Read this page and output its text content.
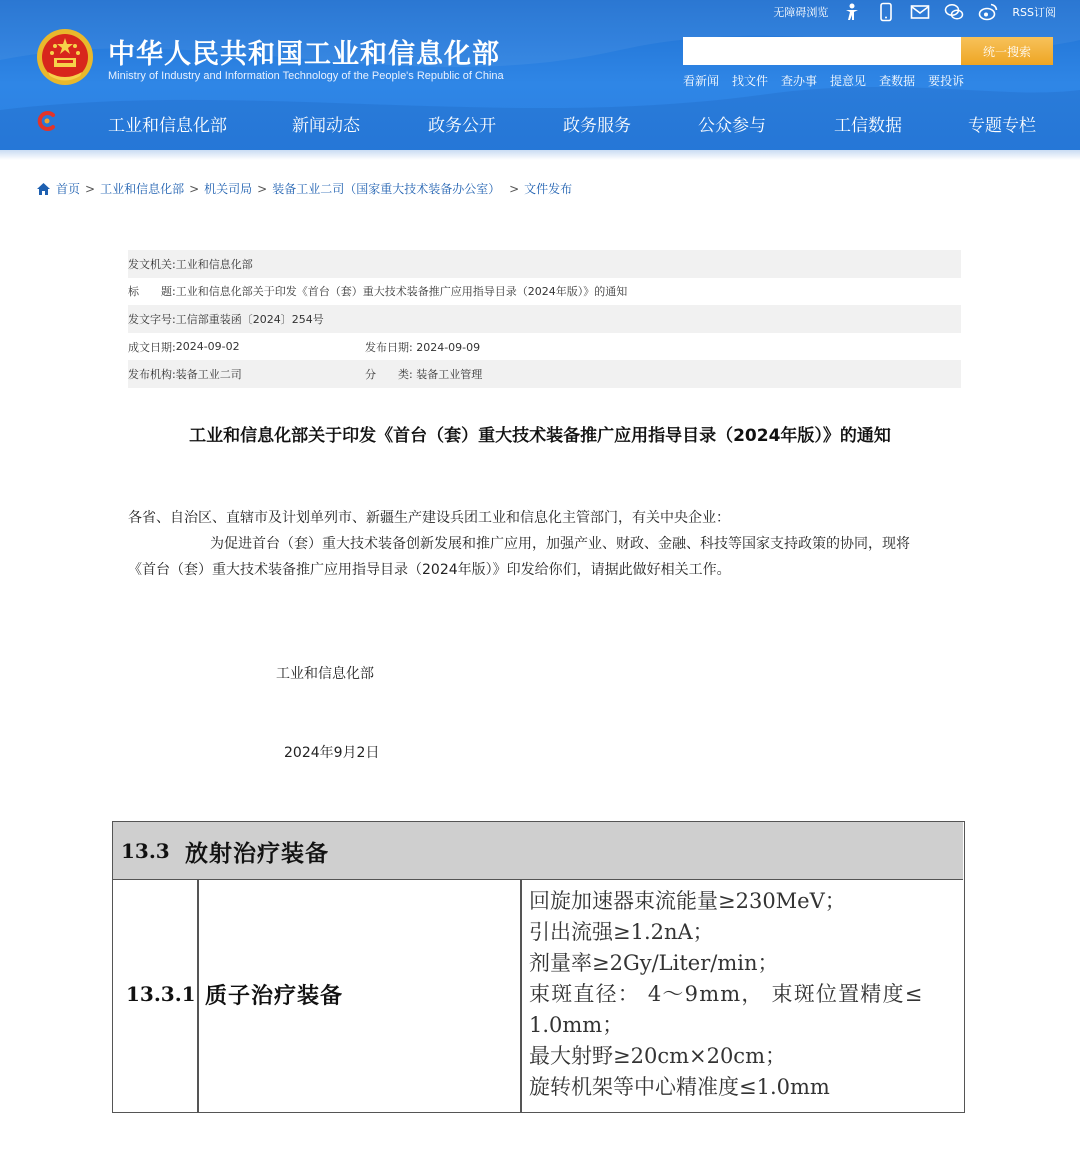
无障碍浏览	RSS订阅
中华人民共和国工业和信息化部
Ministry of Industry and Information Technology of the People's Republic of China
统一搜索
看新闻 找文件 查办事 提意见 查数据 要投诉
工业和信息化部	新闻动态	政务公开	政务服务	公众参与	工信数据	专题专栏
首页 > 工业和信息化部 > 机关司局 > 装备工业二司（国家重大技术装备办公室） > 文件发布
发文机关: 工业和信息化部
标　　题: 工业和信息化部关于印发《首台（套）重大技术装备推广应用指导目录（2024年版）》的通知
发文字号: 工信部重装函〔2024〕254号
成文日期: 2024-09-02	发布日期: 2024-09-09
发布机构: 装备工业二司	分　　类: 装备工业管理
工业和信息化部关于印发《首台（套）重大技术装备推广应用指导目录（2024年版）》的通知
各省、自治区、直辖市及计划单列市、新疆生产建设兵团工业和信息化主管部门，有关中央企业：
为促进首台（套）重大技术装备创新发展和推广应用，加强产业、财政、金融、科技等国家支持政策的协同，现将
《首台（套）重大技术装备推广应用指导目录（2024年版）》印发给你们，请据此做好相关工作。
工业和信息化部
2024年9月2日
13.3 放射治疗装备
13.3.1 质子治疗装备
回旋加速器束流能量≥230MeV；
引出流强≥1.2nA；
剂量率≥2Gy/Liter/min；
束斑直径： 4～9mm， 束斑位置精度≤
1.0mm；
最大射野≥20cm×20cm；
旋转机架等中心精准度≤1.0mm
